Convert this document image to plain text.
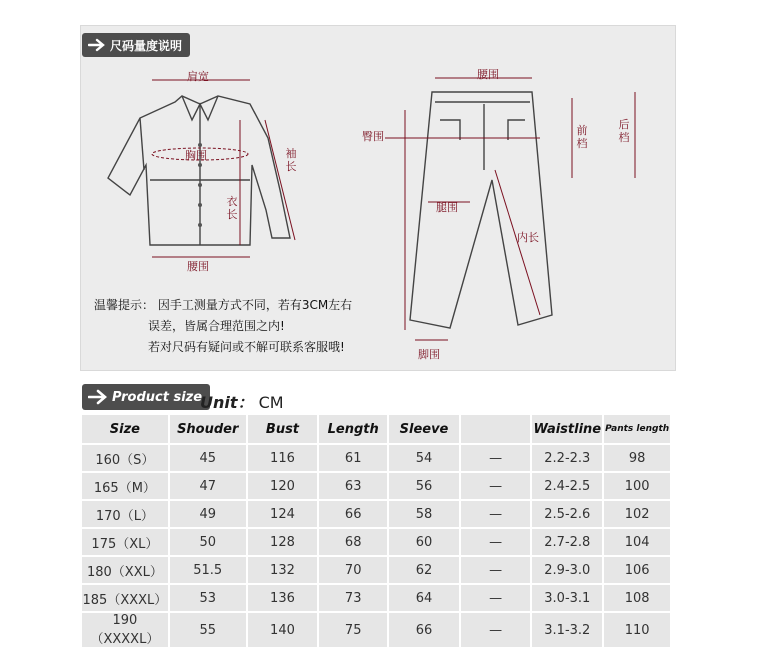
尺码量度说明
肩宽
胸围	袖长
衣长
腰围
腰围
臀围	前档
后档
腿围
内长
脚围
温馨提示： 因手工测量方式不同，若有3CM左右
误差，皆属合理范围之内!
若对尺码有疑问或不解可联系客服哦!
Product size
Unit： CM
Size	Shouder	Bust	Length	Sleeve		Waistline	Pants length
160（S）	45	116	61	54	—	2.2-2.3	98
165（M）	47	120	63	56	—	2.4-2.5	100
170（L）	49	124	66	58	—	2.5-2.6	102
175（XL）	50	128	68	60	—	2.7-2.8	104
180（XXL）	51.5	132	70	62	—	2.9-3.0	106
185（XXXL）	53	136	73	64	—	3.0-3.1	108
190（XXXXL）	55	140	75	66	—	3.1-3.2	110
